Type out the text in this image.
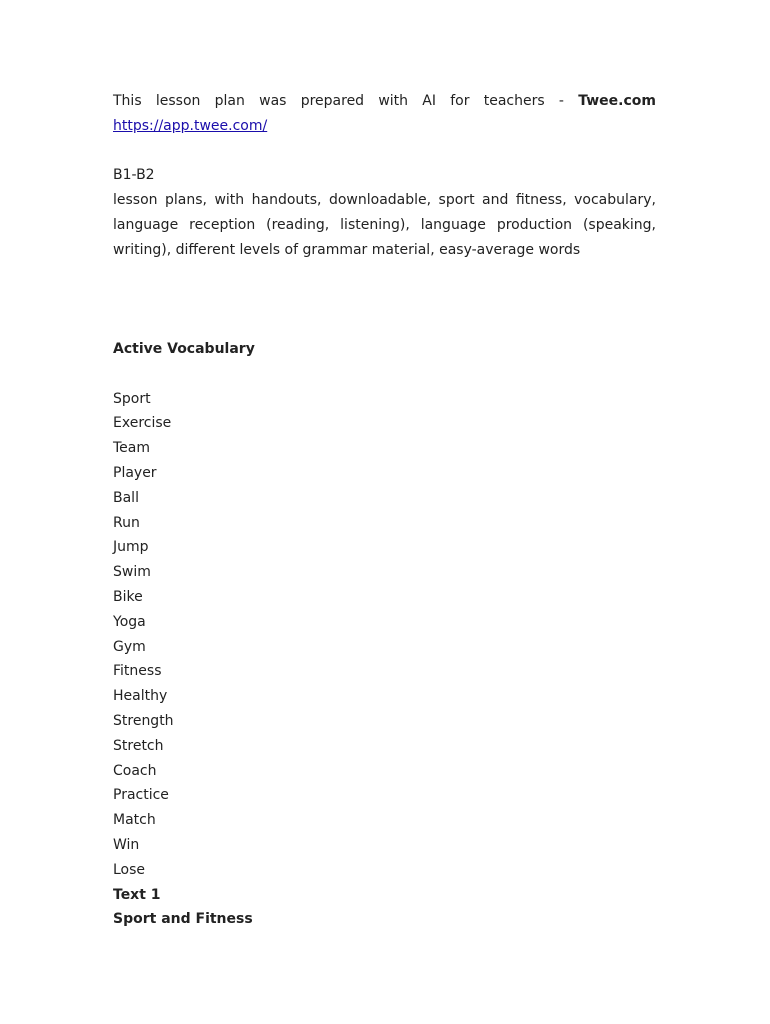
This lesson plan was prepared with AI for teachers - Twee.com
https://app.twee.com/
B1-B2
lesson plans, with handouts, downloadable, sport and fitness, vocabulary, language reception (reading, listening), language production (speaking, writing), different levels of grammar material, easy-average words
Active Vocabulary
Sport
Exercise
Team
Player
Ball
Run
Jump
Swim
Bike
Yoga
Gym
Fitness
Healthy
Strength
Stretch
Coach
Practice
Match
Win
Lose
Text 1
Sport and Fitness
